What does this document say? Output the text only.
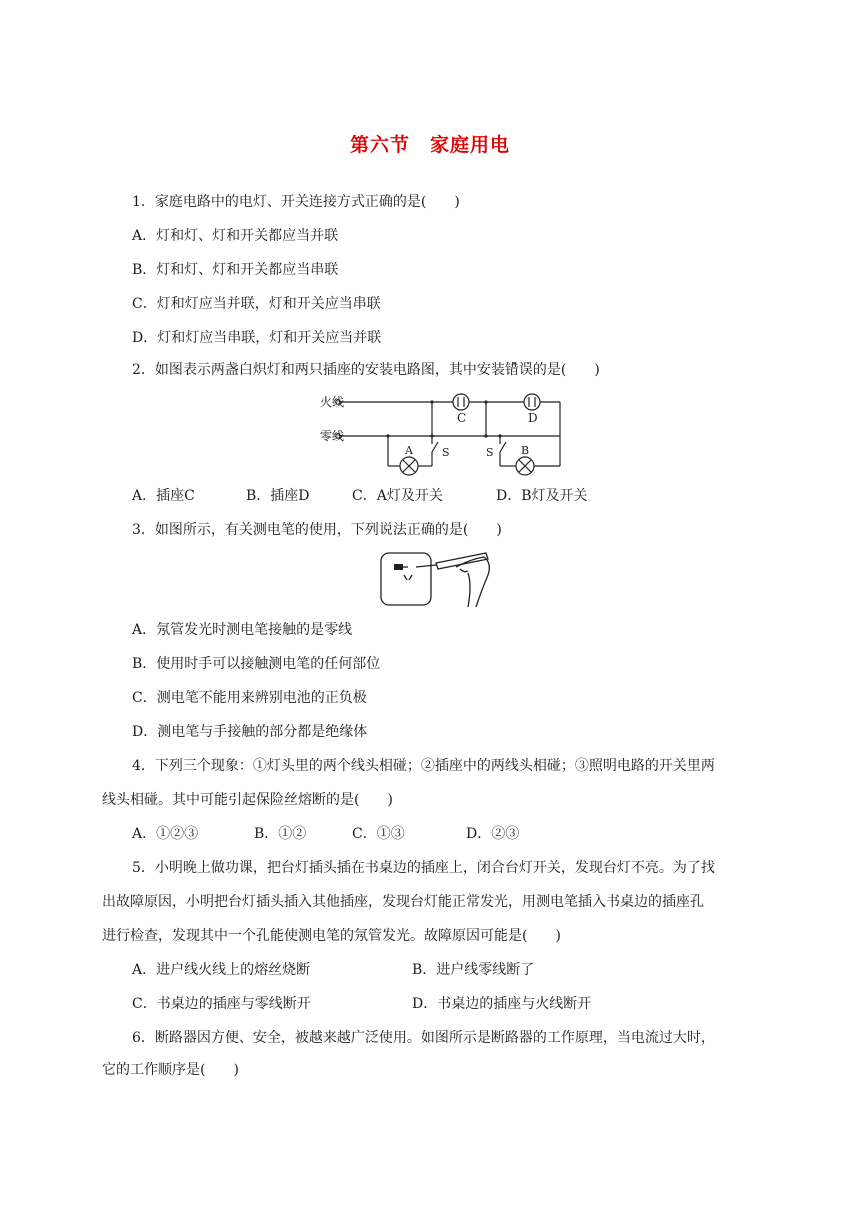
第六节 家庭用电
1．家庭电路中的电灯、开关连接方式正确的是(　　)
A．灯和灯、灯和开关都应当并联
B．灯和灯、灯和开关都应当串联
C．灯和灯应当并联，灯和开关应当串联
D．灯和灯应当串联，灯和开关应当并联
2．如图表示两盏白炽灯和两只插座的安装电路图，其中安装错误的是(　　)
火线
零线
C	D
A	B
S	S
A．插座C	B．插座D	C．A灯及开关	D．B灯及开关
3．如图所示，有关测电笔的使用，下列说法正确的是(　　)
A．氖管发光时测电笔接触的是零线
B．使用时手可以接触测电笔的任何部位
C．测电笔不能用来辨别电池的正负极
D．测电笔与手接触的部分都是绝缘体
4．下列三个现象：①灯头里的两个线头相碰；②插座中的两线头相碰；③照明电路的开关里两
线头相碰。其中可能引起保险丝熔断的是(　　)
A．①②③	B．①②	C．①③	D．②③
5．小明晚上做功课，把台灯插头插在书桌边的插座上，闭合台灯开关，发现台灯不亮。为了找
出故障原因，小明把台灯插头插入其他插座，发现台灯能正常发光，用测电笔插入书桌边的插座孔
进行检查，发现其中一个孔能使测电笔的氖管发光。故障原因可能是(　　)
A．进户线火线上的熔丝烧断	B．进户线零线断了
C．书桌边的插座与零线断开	D．书桌边的插座与火线断开
6．断路器因方便、安全，被越来越广泛使用。如图所示是断路器的工作原理，当电流过大时，
它的工作顺序是(　　)
